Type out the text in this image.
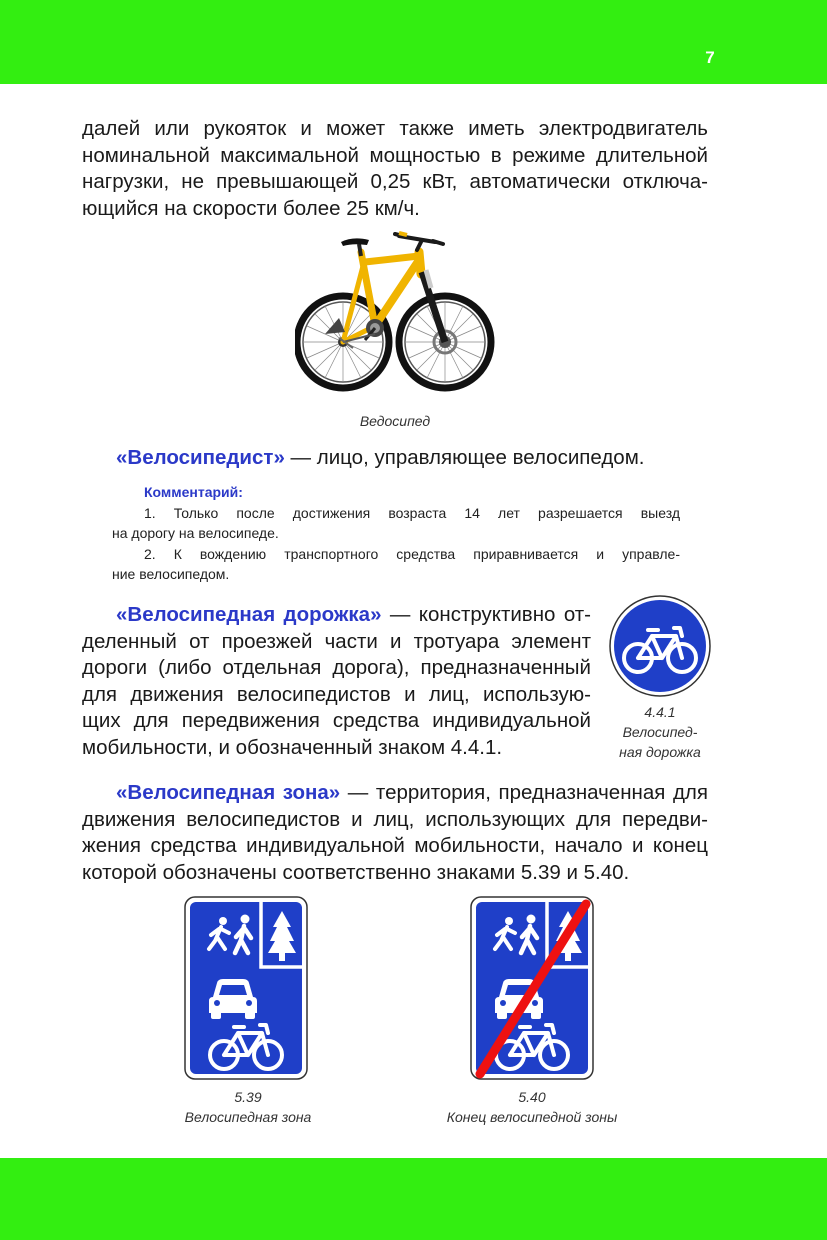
7
далей или рукояток и может также иметь электродвигатель
номинальной максимальной мощностью в режиме длительной
нагрузки, не превышающей 0,25 кВт, автоматически отключа-
ющийся на скорости более 25 км/ч.
Ведосипед
«Велосипедист» — лицо, управляющее велосипедом.
Комментарий:
1. Только после достижения возраста 14 лет разрешается выезд
на дорогу на велосипеде.
2. К вождению транспортного средства приравнивается и управле-
ние велосипедом.
«Велосипедная дорожка» — конструктивно от-
деленный от проезжей части и тротуара элемент
дороги (либо отдельная дорога), предназначенный
для движения велосипедистов и лиц, использую-
щих для передвижения средства индивидуальной
мобильности, и обозначенный знаком 4.4.1.
4.4.1
Велосипед-
ная дорожка
«Велосипедная зона» — территория, предназначенная для
движения велосипедистов и лиц, использующих для передви-
жения средства индивидуальной мобильности, начало и конец
которой обозначены соответственно знаками 5.39 и 5.40.
5.39
Велосипедная зона
5.40
Конец велосипедной зоны
